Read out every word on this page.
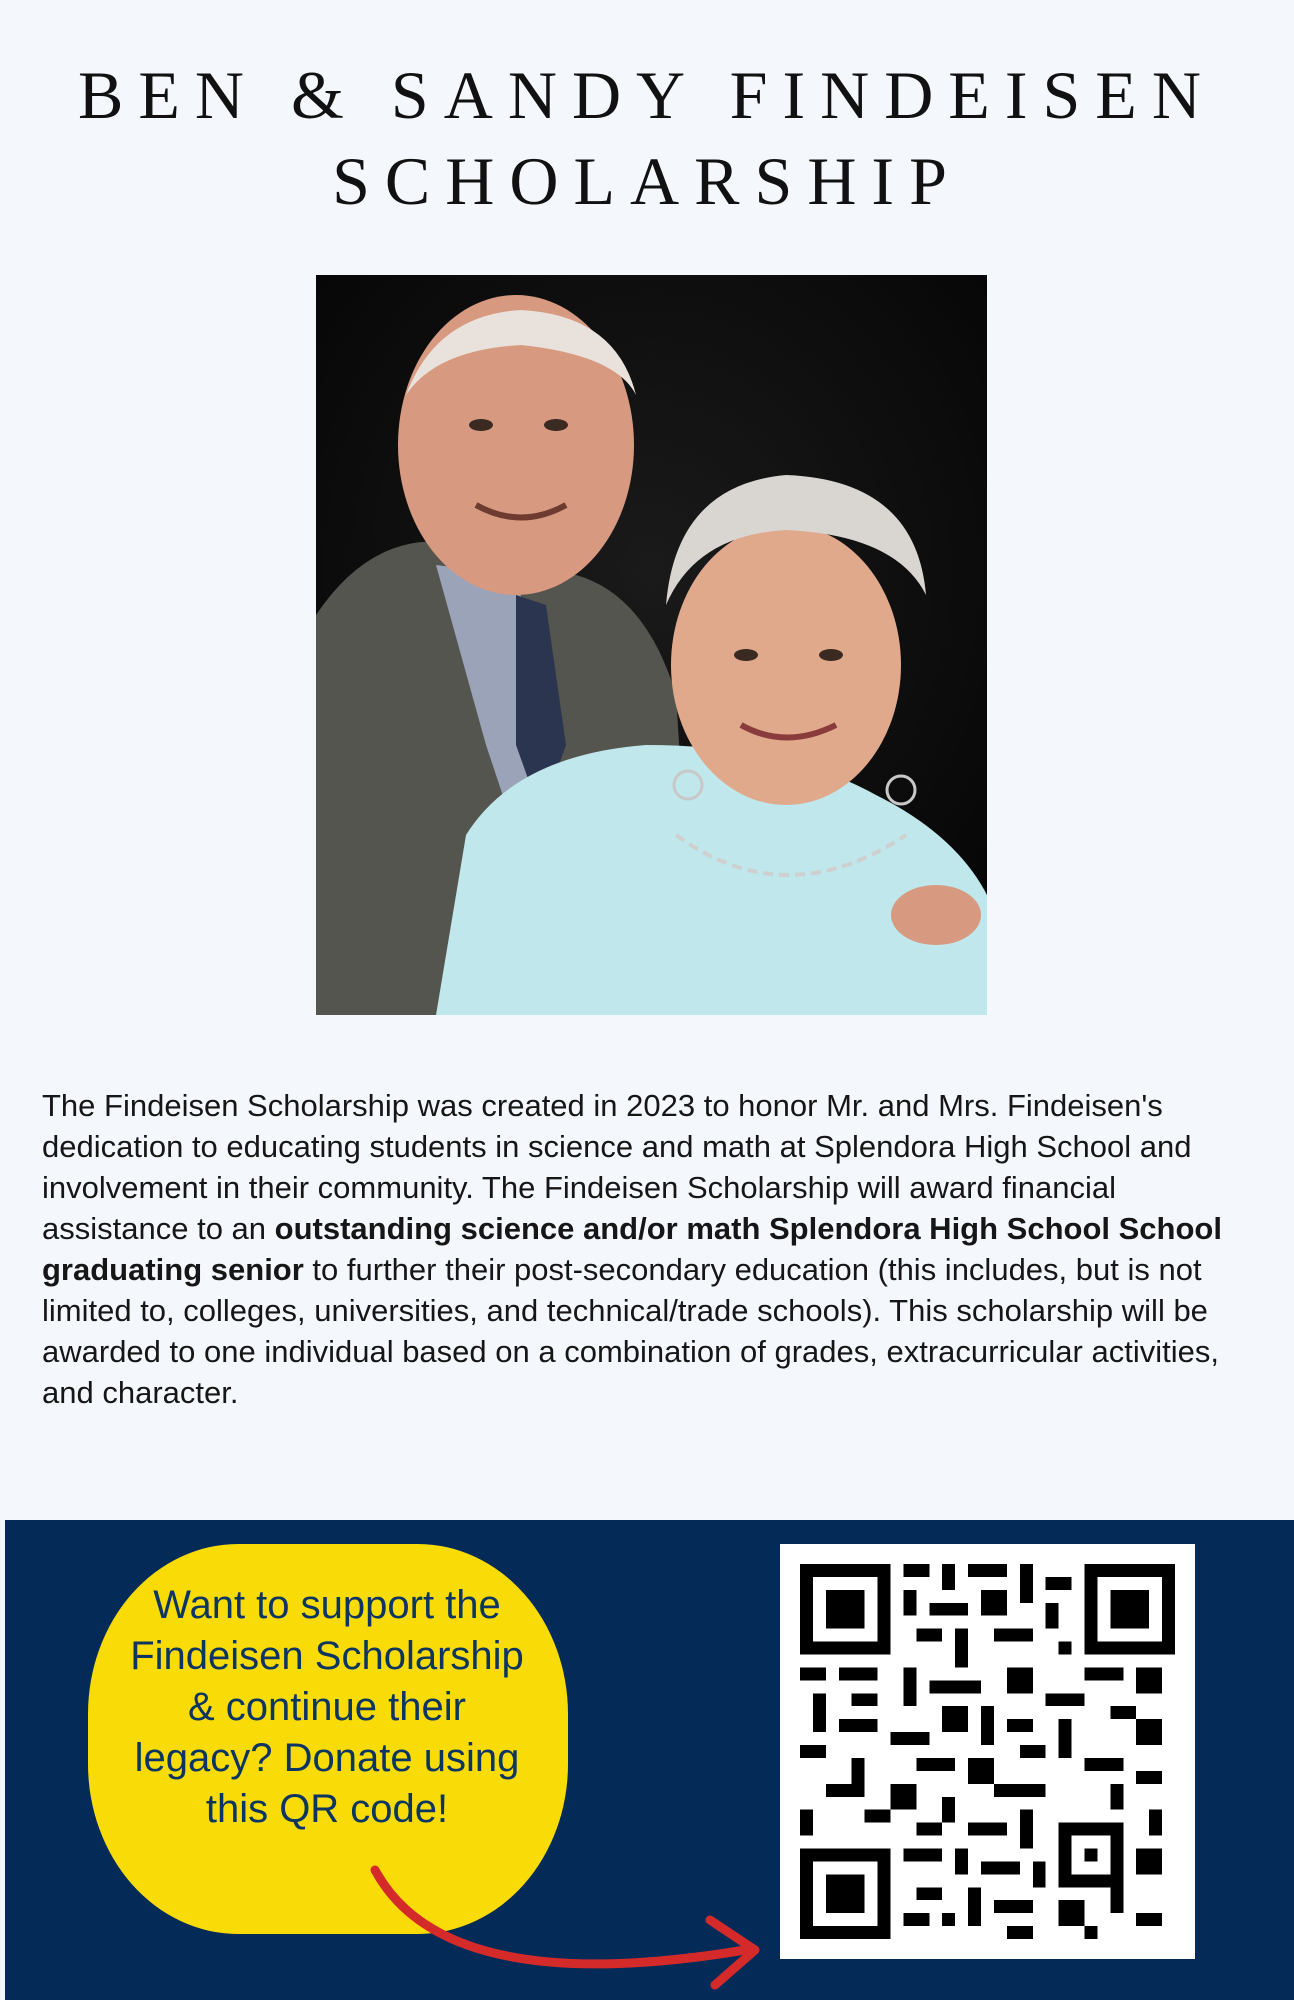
BEN & SANDY FINDEISEN
SCHOLARSHIP

The Findeisen Scholarship was created in 2023 to honor Mr. and Mrs. Findeisen's dedication to educating students in science and math at Splendora High School and involvement in their community. The Findeisen Scholarship will award financial assistance to an outstanding science and/or math Splendora High School School graduating senior to further their post-secondary education (this includes, but is not limited to, colleges, universities, and technical/trade schools). This scholarship will be awarded to one individual based on a combination of grades, extracurricular activities, and character.

Want to support the
Findeisen Scholarship
& continue their
legacy? Donate using
this QR code!
